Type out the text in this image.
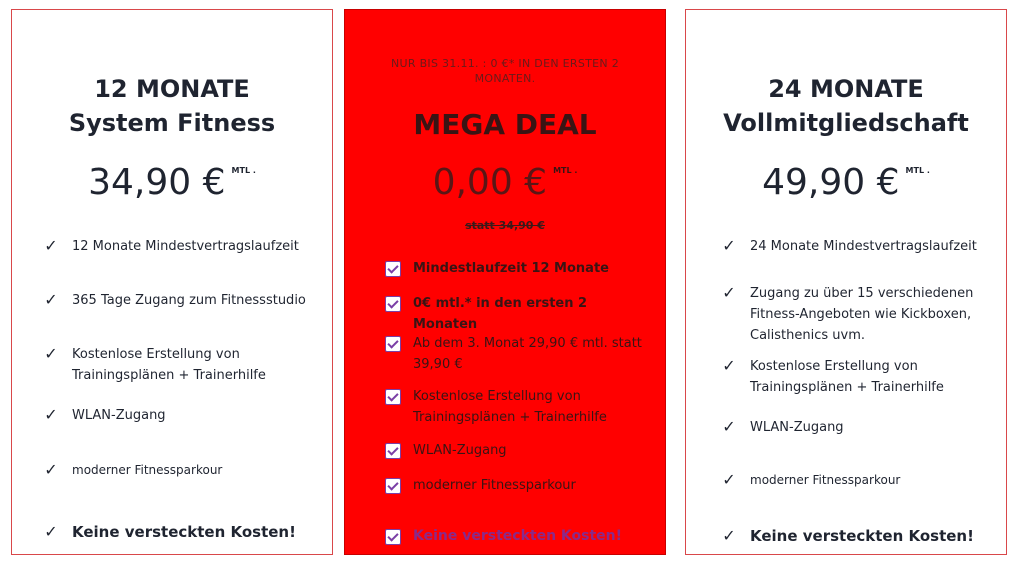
12 MONATE
System Fitness
34,90 € $^{MTL .}$
✓	12 Monate Mindestvertragslaufzeit
✓	365 Tage Zugang zum Fitnessstudio
✓	Kostenlose Erstellung von Trainingsplänen + Trainerhilfe
✓	WLAN-Zugang
✓	moderner Fitnessparkour
✓ Keine versteckten Kosten!
NUR BIS 31.11. : 0 €* IN DEN ERSTEN 2 MONATEN.
MEGA DEAL
0,00 € $^{MTL .}$
statt 34,90 €
Mindestlaufzeit 12 Monate
0€ mtl.* in den ersten 2 Monaten
Ab dem 3. Monat 29,90 € mtl. statt 39,90 €
Kostenlose Erstellung von Trainingsplänen + Trainerhilfe
WLAN-Zugang
moderner Fitnessparkour
Keine versteckten Kosten!
24 MONATE
Vollmitgliedschaft
49,90 € $^{MTL .}$
✓	24 Monate Mindestvertragslaufzeit
✓	Zugang zu über 15 verschiedenen Fitness-Angeboten wie Kickboxen, Calisthenics uvm.
✓	Kostenlose Erstellung von Trainingsplänen + Trainerhilfe
✓	WLAN-Zugang
✓	moderner Fitnessparkour
✓ Keine versteckten Kosten!
